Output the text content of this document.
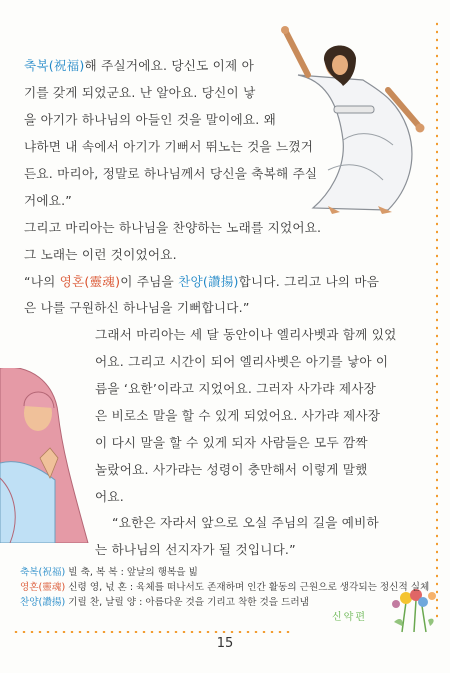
축복(祝福)해 주실거에요. 당신도 이제 아
기를 갖게 되었군요. 난 알아요. 당신이 낳
을 아기가 하나님의 아들인 것을 말이에요. 왜
냐하면 내 속에서 아기가 기뻐서 뛰노는 것을 느꼈거
든요. 마리아, 정말로 하나님께서 당신을 축복해 주실
거에요.”
그리고 마리아는 하나님을 찬양하는 노래를 지었어요.
그 노래는 이런 것이었어요.
“나의 영혼(靈魂)이 주님을 찬양(讚揚)합니다. 그리고 나의 마음
은 나를 구원하신 하나님을 기뻐합니다.”
그래서 마리아는 세 달 동안이나 엘리사벳과 함께 있었
어요. 그리고 시간이 되어 엘리사벳은 아기를 낳아 이
름을 ‘요한’이라고 지었어요. 그러자 사가랴 제사장
은 비로소 말을 할 수 있게 되었어요. 사가랴 제사장
이 다시 말을 할 수 있게 되자 사람들은 모두 깜짝
놀랐어요. 사가랴는 성령이 충만해서 이렇게 말했
어요.
“요한은 자라서 앞으로 오실 주님의 길을 예비하
는 하나님의 선지자가 될 것입니다.”
축복(祝福) 빌 축, 복 복 : 앞날의 행복을 빎
영혼(靈魂) 신령 영, 넋 혼 : 육체를 떠나서도 존재하며 인간 활동의 근원으로 생각되는 정신적 실체
찬양(讚揚) 기릴 찬, 날릴 양 : 아름다운 것을 기리고 착한 것을 드러냄
신약편
15
